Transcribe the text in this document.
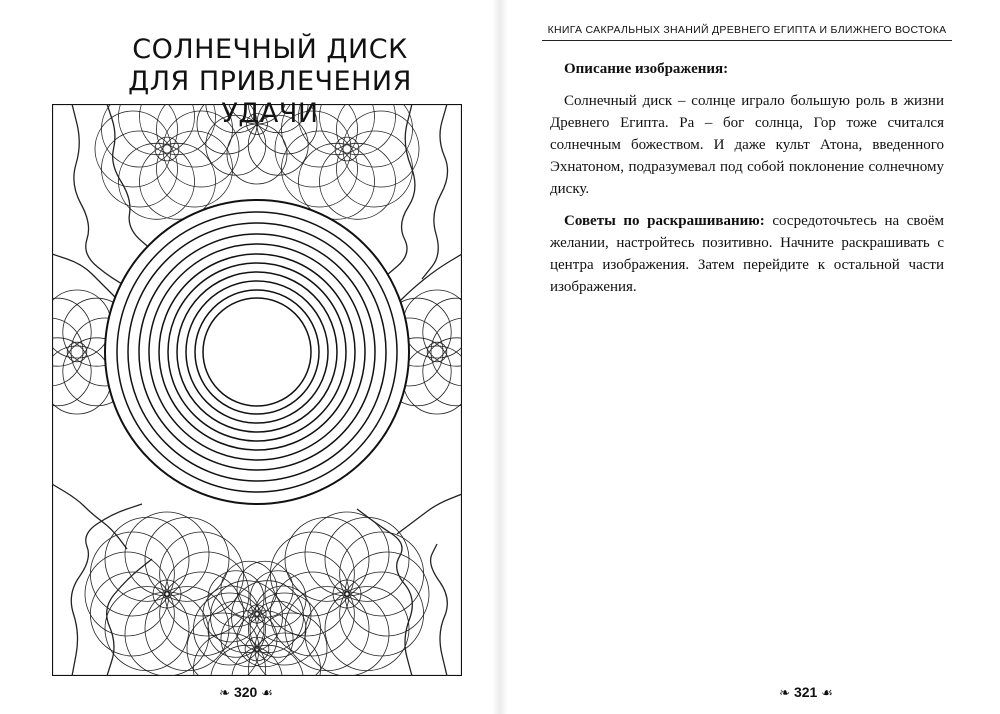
СОЛНЕЧНЫЙ ДИСК
ДЛЯ ПРИВЛЕЧЕНИЯ УДАЧИ
❧ 320 ☙
КНИГА САКРАЛЬНЫХ ЗНАНИЙ ДРЕВНЕГО ЕГИПТА И БЛИЖНЕГО ВОСТОКА

Описание изображения:

Солнечный диск – солнце играло большую роль в жизни Древнего Египта. Ра – бог солнца, Гор тоже считался солнечным божеством. И даже культ Атона, введенного Эхнатоном, подразумевал под собой поклонение солнечному диску.

Советы по раскрашиванию: сосредоточьтесь на своём желании, настройтесь позитивно. Начните раскрашивать с центра изображения. Затем перейдите к остальной части изображения.

❧ 321 ☙
